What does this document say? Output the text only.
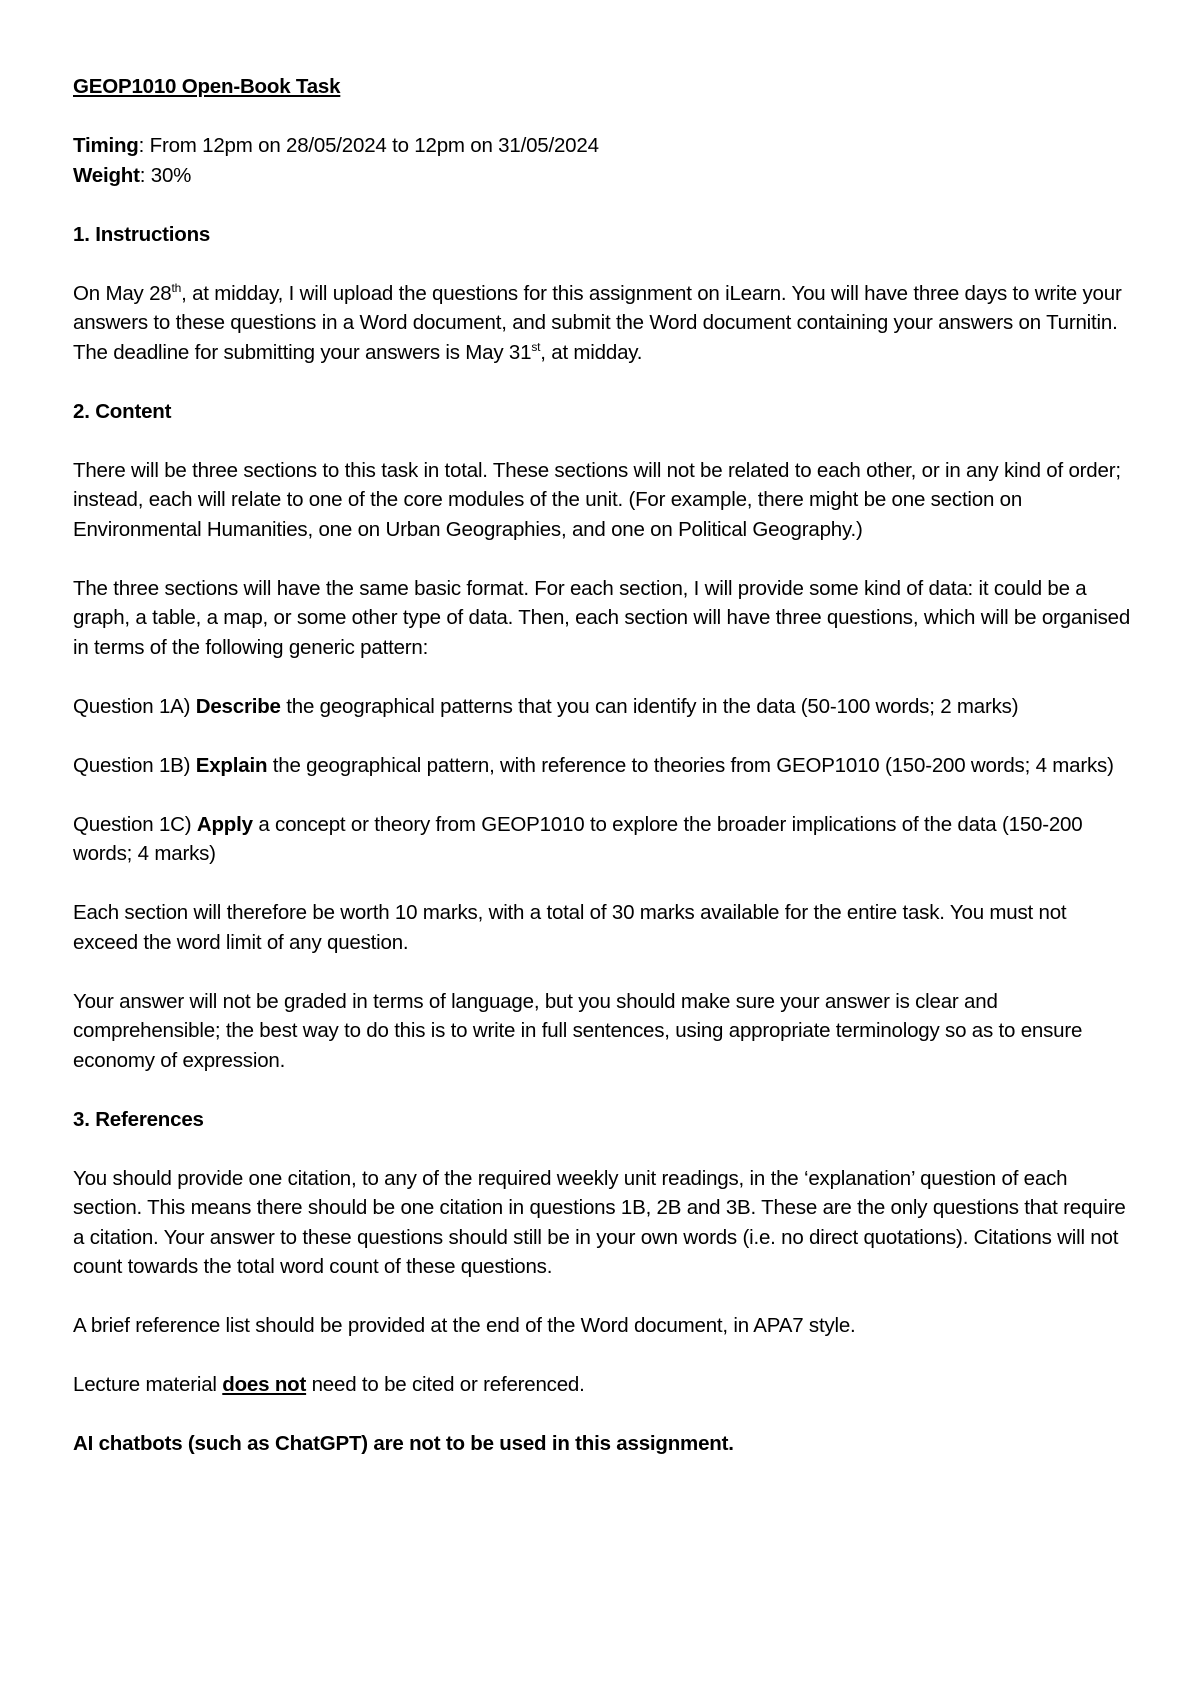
GEOP1010 Open-Book Task

Timing: From 12pm on 28/05/2024 to 12pm on 31/05/2024

Weight: 30%

1. Instructions

On May 28th, at midday, I will upload the questions for this assignment on iLearn. You will have three days to write your answers to these questions in a Word document, and submit the Word document containing your answers on Turnitin. The deadline for submitting your answers is May 31st, at midday.

2. Content

There will be three sections to this task in total. These sections will not be related to each other, or in any kind of order; instead, each will relate to one of the core modules of the unit. (For example, there might be one section on Environmental Humanities, one on Urban Geographies, and one on Political Geography.)

The three sections will have the same basic format. For each section, I will provide some kind of data: it could be a graph, a table, a map, or some other type of data. Then, each section will have three questions, which will be organised in terms of the following generic pattern:

Question 1A) Describe the geographical patterns that you can identify in the data (50-100 words; 2 marks)

Question 1B) Explain the geographical pattern, with reference to theories from GEOP1010 (150-200 words; 4 marks)

Question 1C) Apply a concept or theory from GEOP1010 to explore the broader implications of the data (150-200 words; 4 marks)

Each section will therefore be worth 10 marks, with a total of 30 marks available for the entire task. You must not exceed the word limit of any question.

Your answer will not be graded in terms of language, but you should make sure your answer is clear and comprehensible; the best way to do this is to write in full sentences, using appropriate terminology so as to ensure economy of expression.

3. References

You should provide one citation, to any of the required weekly unit readings, in the ‘explanation’ question of each section. This means there should be one citation in questions 1B, 2B and 3B. These are the only questions that require a citation. Your answer to these questions should still be in your own words (i.e. no direct quotations). Citations will not count towards the total word count of these questions.

A brief reference list should be provided at the end of the Word document, in APA7 style.

Lecture material does not need to be cited or referenced.

AI chatbots (such as ChatGPT) are not to be used in this assignment.
